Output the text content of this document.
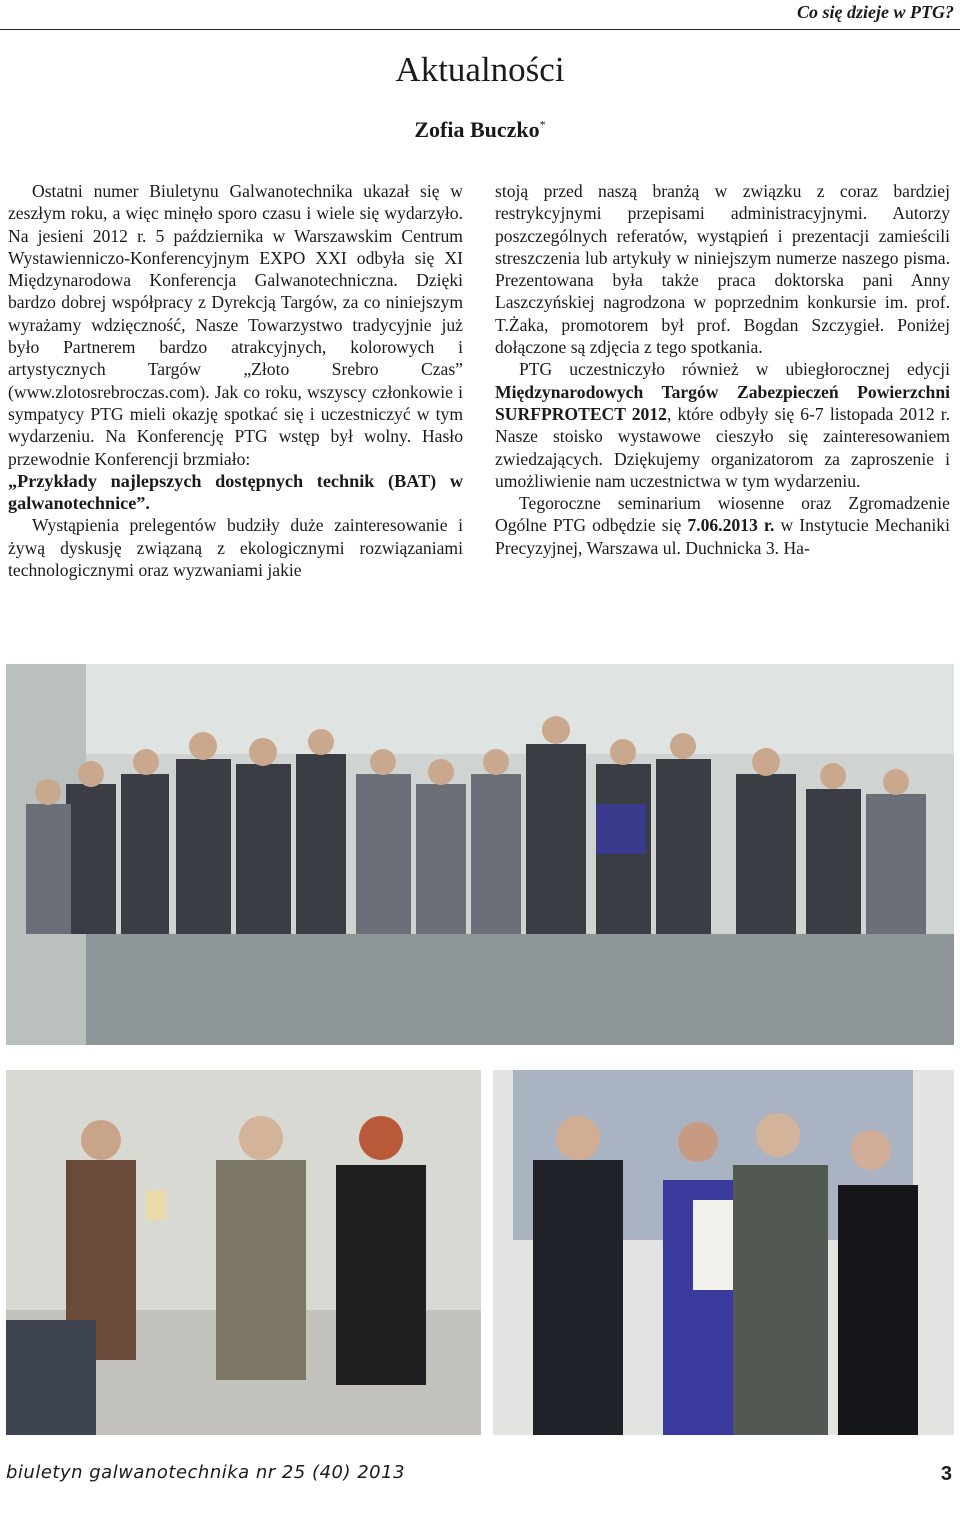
Co się dzieje w PTG?
Aktualności
Zofia Buczko*

Ostatni numer Biuletynu Galwanotechnika ukazał się w zeszłym roku, a więc minęło sporo czasu i wiele się wydarzyło. Na jesieni 2012 r. 5 października w Warszawskim Centrum Wystawienniczo-Konferencyjnym EXPO XXI odbyła się XI Międzynarodowa Konferencja Galwanotechniczna. Dzięki bardzo dobrej współpracy z Dyrekcją Targów, za co niniejszym wyrażamy wdzięczność, Nasze Towarzystwo tradycyjnie już było Partnerem bardzo atrakcyjnych, kolorowych i artystycznych Targów „Złoto Srebro Czas” (www.zlotosrebroczas.com). Jak co roku, wszyscy członkowie i sympatycy PTG mieli okazję spotkać się i uczestniczyć w tym wydarzeniu. Na Konferencję PTG wstęp był wolny. Hasło przewodnie Konferencji brzmiało:

„Przykłady najlepszych dostępnych technik (BAT) w galwanotechnice”.

Wystąpienia prelegentów budziły duże zainteresowanie i żywą dyskusję związaną z ekologicznymi rozwiązaniami technologicznymi oraz wyzwaniami jakie

stoją przed naszą branżą w związku z coraz bardziej restrykcyjnymi przepisami administracyjnymi. Autorzy poszczególnych referatów, wystąpień i prezentacji zamieścili streszczenia lub artykuły w niniejszym numerze naszego pisma. Prezentowana była także praca doktorska pani Anny Laszczyńskiej nagrodzona w poprzednim konkursie im. prof. T.Żaka, promotorem był prof. Bogdan Szczygieł. Poniżej dołączone są zdjęcia z tego spotkania.

PTG uczestniczyło również w ubiegłorocznej edycji Międzynarodowych Targów Zabezpieczeń Powierzchni SURFPROTECT 2012, które odbyły się 6-7 listopada 2012 r. Nasze stoisko wystawowe cieszyło się zainteresowaniem zwiedzających. Dziękujemy organizatorom za zaproszenie i umożliwienie nam uczestnictwa w tym wydarzeniu.

Tegoroczne seminarium wiosenne oraz Zgromadzenie Ogólne PTG odbędzie się 7.06.2013 r. w Instytucie Mechaniki Precyzyjnej, Warszawa ul. Duchnicka 3. Ha-

biuletyn galwanotechnika nr 25 (40) 2013	3
